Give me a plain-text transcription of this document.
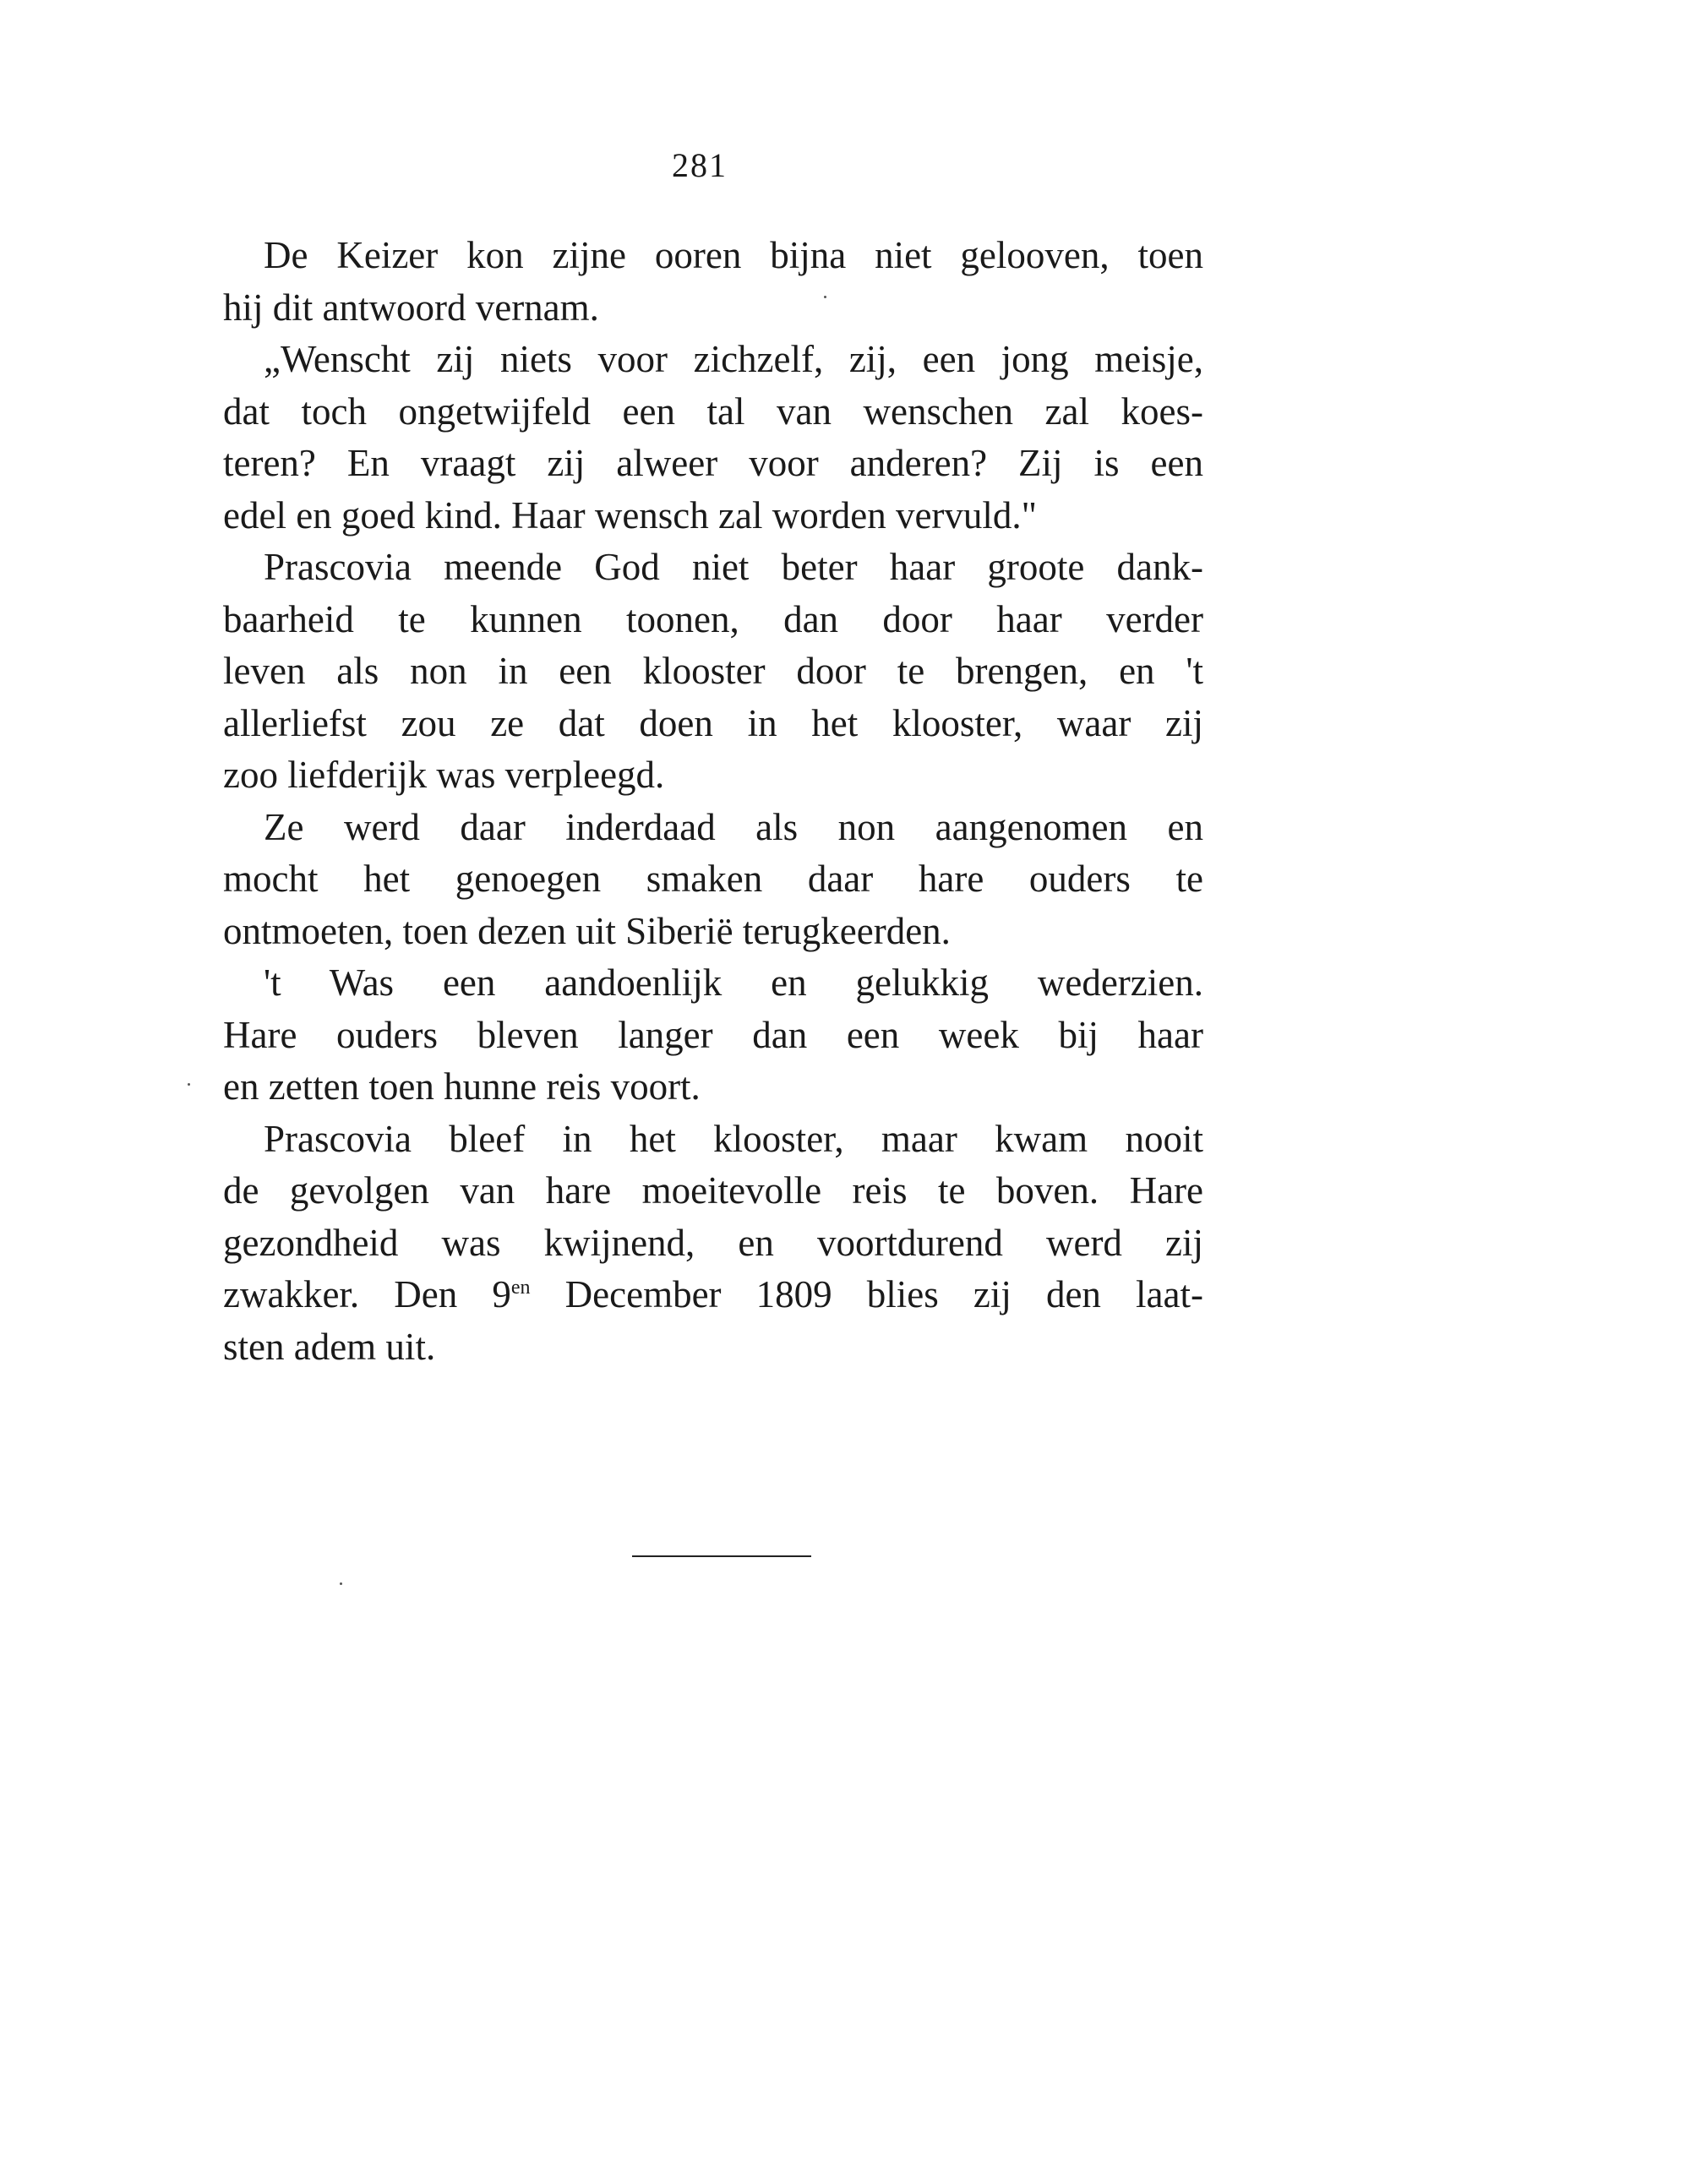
281
De Keizer kon zijne ooren bijna niet gelooven, toen
hij dit antwoord vernam.
„Wenscht zij niets voor zichzelf, zij, een jong meisje,
dat toch ongetwijfeld een tal van wenschen zal koes-
teren? En vraagt zij alweer voor anderen? Zij is een
edel en goed kind. Haar wensch zal worden vervuld."
Prascovia meende God niet beter haar groote dank-
baarheid te kunnen toonen, dan door haar verder
leven als non in een klooster door te brengen, en 't
allerliefst zou ze dat doen in het klooster, waar zij
zoo liefderijk was verpleegd.
Ze werd daar inderdaad als non aangenomen en
mocht het genoegen smaken daar hare ouders te
ontmoeten, toen dezen uit Siberië terugkeerden.
't Was een aandoenlijk en gelukkig wederzien.
Hare ouders bleven langer dan een week bij haar
en zetten toen hunne reis voort.
Prascovia bleef in het klooster, maar kwam nooit
de gevolgen van hare moeitevolle reis te boven. Hare
gezondheid was kwijnend, en voortdurend werd zij
zwakker. Den $9^{en}$ December 1809 blies zij den laat-
sten adem uit.
